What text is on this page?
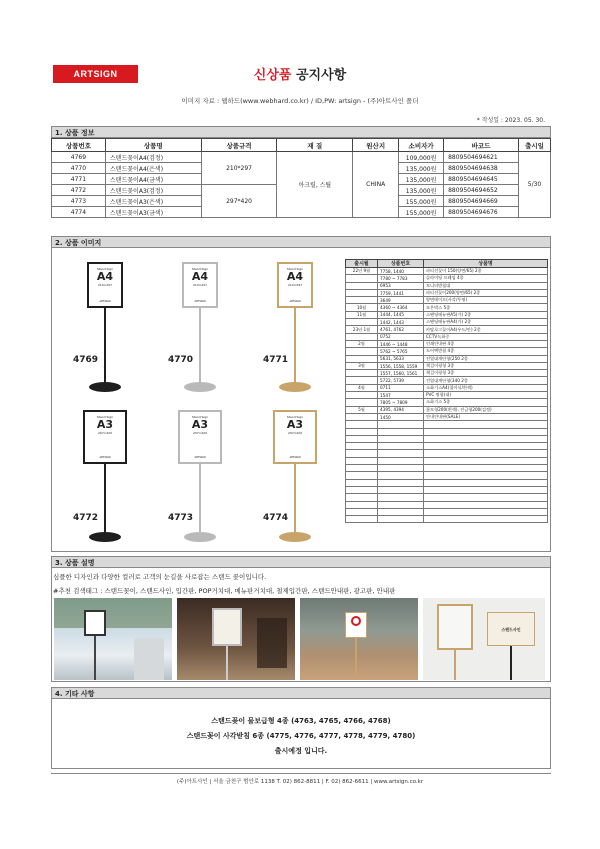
ARTSIGN	신상품 공지사항
이미지 자료 : 웹하드(www.webhard.co.kr) / ID,PW: artsign - (주)아트사인 폴더
* 작성일 : 2023. 05. 30.
1. 상품 정보
상품번호	상품명	상품규격	재 질	원산지	소비자가	바코드	출시일
4769	스탠드꽂이A4(검정)	210*297	아크릴, 스틸	CHINA	109,000원	8809504694621	5/30
4770	스탠드꽂이A4(은색)				135,000원	8809504694638	
4771	스탠드꽂이A4(금색)				135,000원	8809504694645	
4772	스탠드꽂이A3(검정)	297*420			135,000원	8809504694652	
4773	스탠드꽂이A3(은색)				155,000원	8809504694669	
4774	스탠드꽂이A3(금색)				155,000원	8809504694676	
2. 상품 이미지
Stand Sign
A4
210×297
ARTSIGN
4769
Stand Sign
A4
210×297
ARTSIGN
4770
Stand Sign
A4
210×297
ARTSIGN
4771
Stand Sign
A3
297×420
ARTSIGN
4772
Stand Sign
A3
297×420
ARTSIGN
4773
Stand Sign
A3
297×420
ARTSIGN
4774
출시월	상품번호	상품명
22년 9월	7758, 1440	파티션꽂이 150(양면/65) 2종
	7780 ~ 7783	슬라이딩 프레임 4종
	6953	모니터받침대
	7759, 1441	파티션꽂이200(양면/65) 2종
	3649	양면테이프(사각/투명)
10월	4360 ~ 4364	모은박스 5종
11월	1444, 1445	스탠딩메뉴판A5(가) 2종
	1442, 1443	스탠딩메뉴판A4(가) 2종
23년 1월	4761, 4762	카탈로그꽂이A4(우드/안) 2종
	0752	CCTV녹화중
2월	1446 ~ 1448	인쇄안내판 4종
	5762 ~ 5765	도어택받침 4종
	5631, 5633	진열대계단형(250 2종
3월	1556, 1558, 1559	책걸이평형 3종
	1557, 1560, 1561	책걸이평형 3종
	5722, 5739	진열대계단형(340 2종
4월	0711	소화기스A4(접이식/흰색)
	1547	PVC 명함(대)
	7805 ~ 7809	소화기스 5종
5월	4395, 4394	꽃모형200(흰색), 진금형200(검정)
	1450	안내안내판(SALE)

3. 상품 설명
심플한 디자인과 다양한 컬러로 고객의 눈길을 사로잡는 스탠드 꽂이입니다.
#추천 검색태그 : 스탠드꽂이, 스탠드사인, 입간판, POP거치대, 메뉴판거치대, 철제입간판, 스탠드안내판, 광고판, 안내판
스탠드사인
4. 기타 사항
스탠드꽂이 물보급형 4종 (4763, 4765, 4766, 4768)
스탠드꽂이 사각받침 6종 (4775, 4776, 4777, 4778, 4779, 4780)
출시예정 입니다.
(주)아트사인 | 서울 금천구 범안로 1138 T. 02) 862-8811 | F. 02) 862-6611 | www.artsign.co.kr
